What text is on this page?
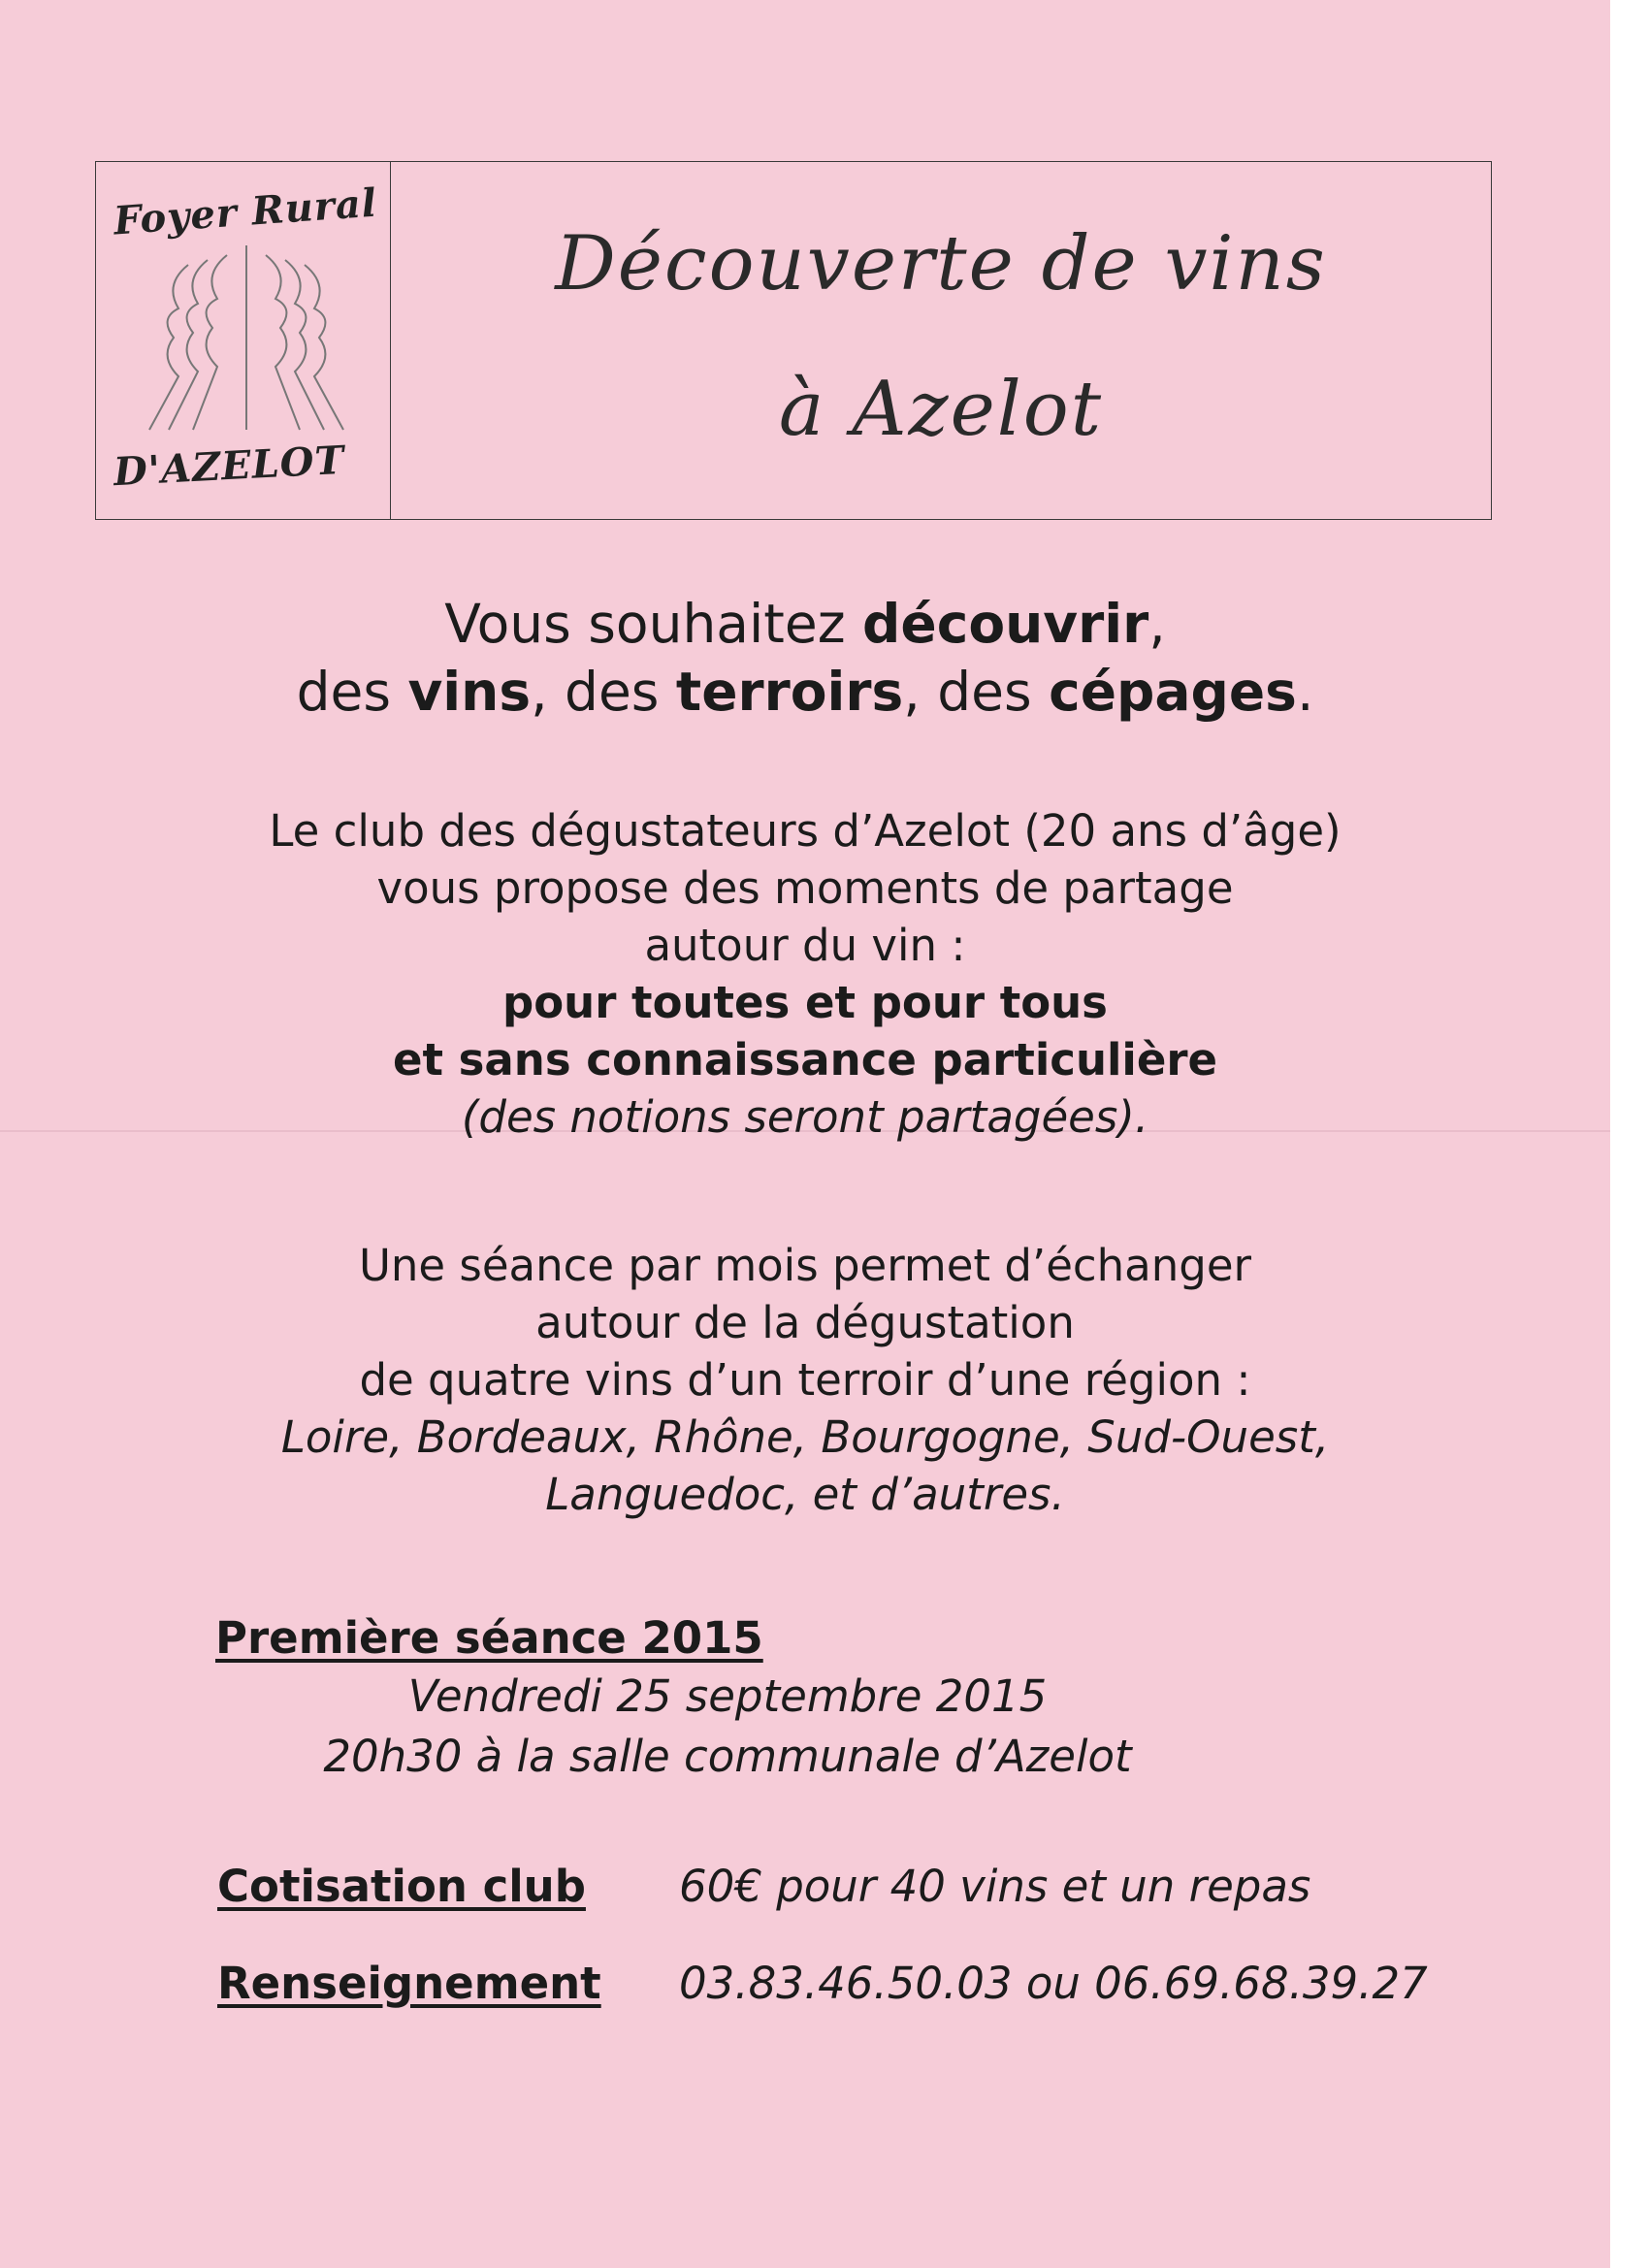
Foyer Rural
D'AZELOT
Découverte de vins
à Azelot
Vous souhaitez découvrir,
des vins, des terroirs, des cépages.
Le club des dégustateurs d’Azelot (20 ans d’âge)
vous propose des moments de partage
autour du vin :
pour toutes et pour tous
et sans connaissance particulière
(des notions seront partagées).
Une séance par mois permet d’échanger
autour de la dégustation
de quatre vins d’un terroir d’une région :
Loire, Bordeaux, Rhône, Bourgogne, Sud-Ouest,
Languedoc, et d’autres.
Première séance 2015
Vendredi 25 septembre 2015
20h30 à la salle communale d’Azelot
Cotisation club 60€ pour 40 vins et un repas
Renseignement 03.83.46.50.03 ou 06.69.68.39.27
